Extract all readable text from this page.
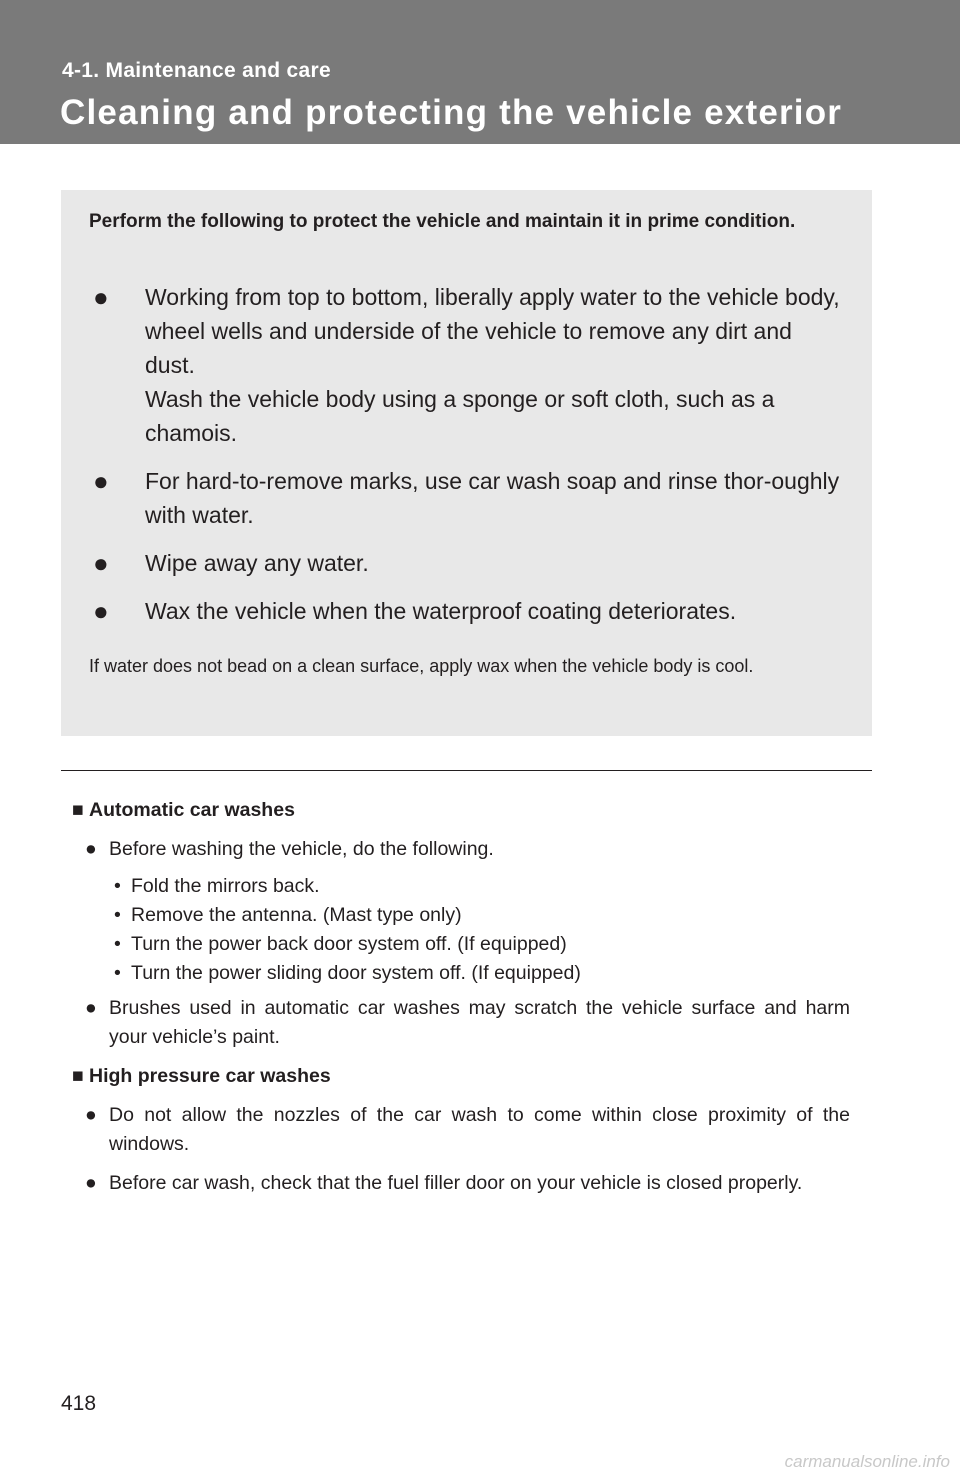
4-1. Maintenance and care
Cleaning and protecting the vehicle exterior
Perform the following to protect the vehicle and maintain it in prime condition.
● Working from top to bottom, liberally apply water to the vehicle body, wheel wells and underside of the vehicle to remove any dirt and dust.

Wash the vehicle body using a sponge or soft cloth, such as a chamois.

● For hard-to-remove marks, use car wash soap and rinse thor-oughly with water.

● Wipe away any water.

● Wax the vehicle when the waterproof coating deteriorates.

If water does not bead on a clean surface, apply wax when the vehicle body is cool.
■ Automatic car washes
● Before washing the vehicle, do the following.
• Fold the mirrors back.
• Remove the antenna. (Mast type only)
• Turn the power back door system off. (If equipped)
• Turn the power sliding door system off. (If equipped)
● Brushes used in automatic car washes may scratch the vehicle surface and harm your vehicle’s paint.
■ High pressure car washes
● Do not allow the nozzles of the car wash to come within close proximity of the windows.
● Before car wash, check that the fuel filler door on your vehicle is closed properly.
418
carmanualsonline.info
